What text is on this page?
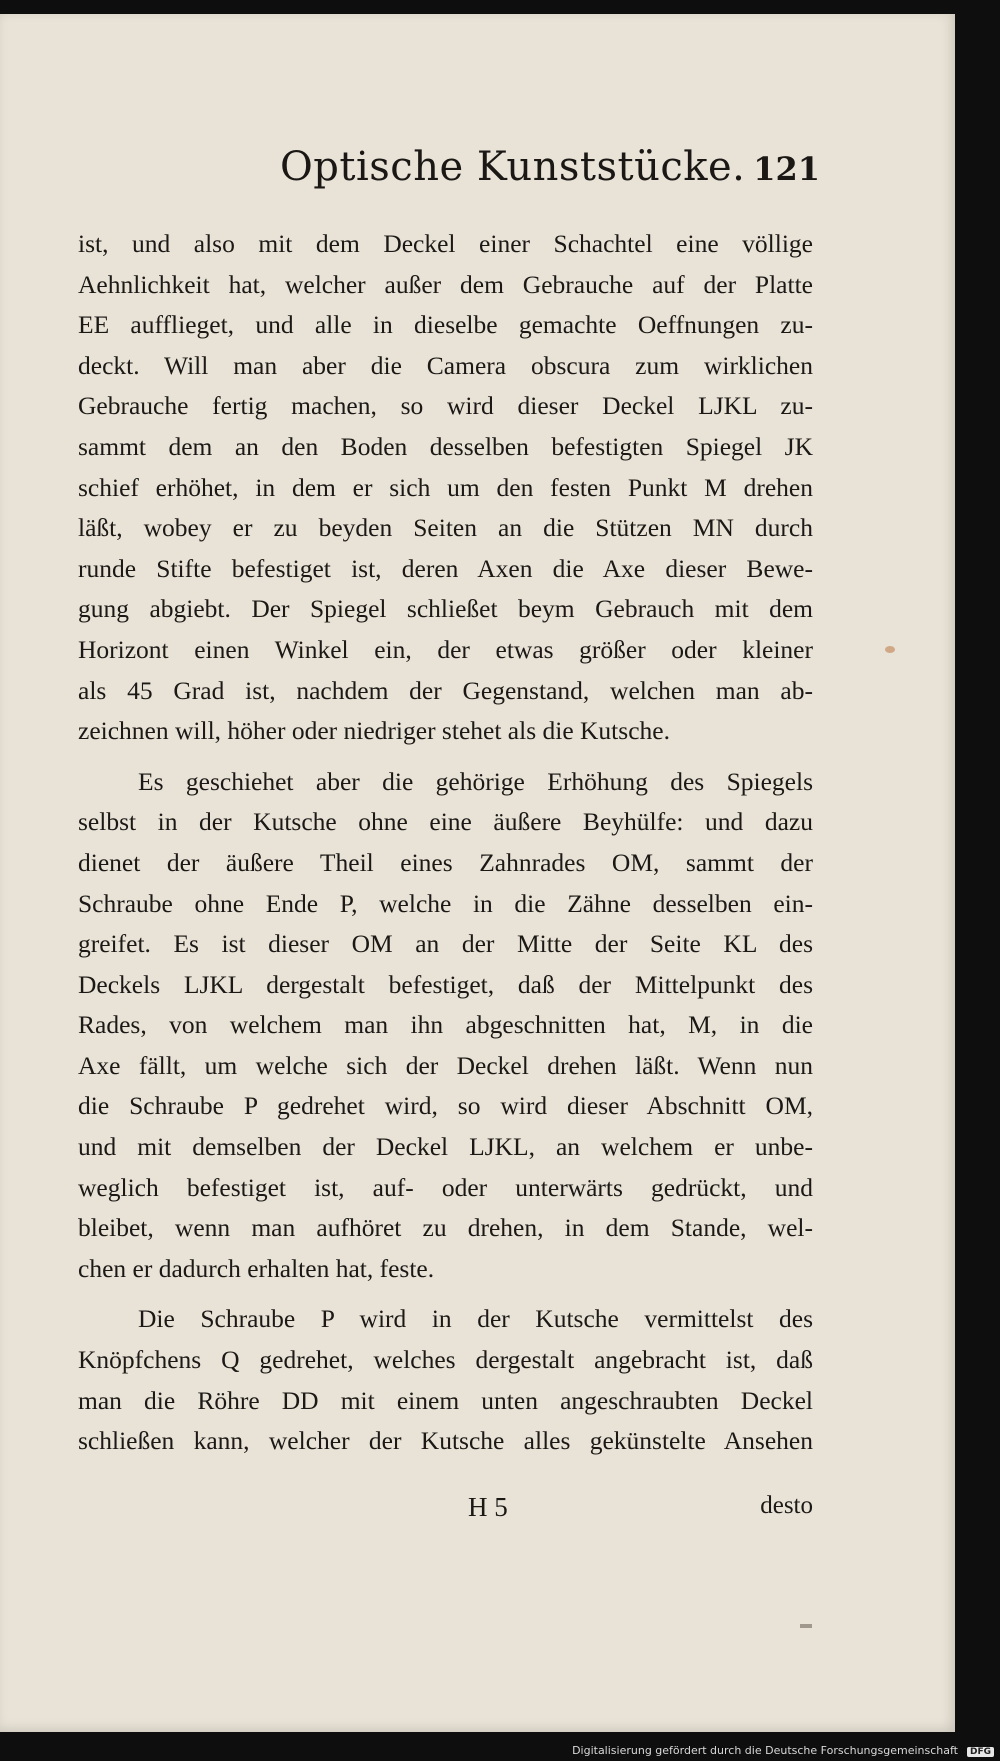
Optische Kunststücke. 121
ist, und also mit dem Deckel einer Schachtel eine völlige
Aehnlichkeit hat, welcher außer dem Gebrauche auf der Platte
EE aufflieget, und alle in dieselbe gemachte Oeffnungen zu-
deckt. Will man aber die Camera obscura zum wirklichen
Gebrauche fertig machen, so wird dieser Deckel LJKL zu-
sammt dem an den Boden desselben befestigten Spiegel JK
schief erhöhet, in dem er sich um den festen Punkt M drehen
läßt, wobey er zu beyden Seiten an die Stützen MN durch
runde Stifte befestiget ist, deren Axen die Axe dieser Bewe-
gung abgiebt. Der Spiegel schließet beym Gebrauch mit dem
Horizont einen Winkel ein, der etwas größer oder kleiner
als 45 Grad ist, nachdem der Gegenstand, welchen man ab-
zeichnen will, höher oder niedriger stehet als die Kutsche.
Es geschiehet aber die gehörige Erhöhung des Spiegels
selbst in der Kutsche ohne eine äußere Beyhülfe: und dazu
dienet der äußere Theil eines Zahnrades OM, sammt der
Schraube ohne Ende P, welche in die Zähne desselben ein-
greifet. Es ist dieser OM an der Mitte der Seite KL des
Deckels LJKL dergestalt befestiget, daß der Mittelpunkt des
Rades, von welchem man ihn abgeschnitten hat, M, in die
Axe fällt, um welche sich der Deckel drehen läßt. Wenn nun
die Schraube P gedrehet wird, so wird dieser Abschnitt OM,
und mit demselben der Deckel LJKL, an welchem er unbe-
weglich befestiget ist, auf- oder unterwärts gedrückt, und
bleibet, wenn man aufhöret zu drehen, in dem Stande, wel-
chen er dadurch erhalten hat, feste.
Die Schraube P wird in der Kutsche vermittelst des
Knöpfchens Q gedrehet, welches dergestalt angebracht ist, daß
man die Röhre DD mit einem unten angeschraubten Deckel
schließen kann, welcher der Kutsche alles gekünstelte Ansehen
H 5	desto
Digitalisierung gefördert durch die Deutsche Forschungsgemeinschaft	DFG
